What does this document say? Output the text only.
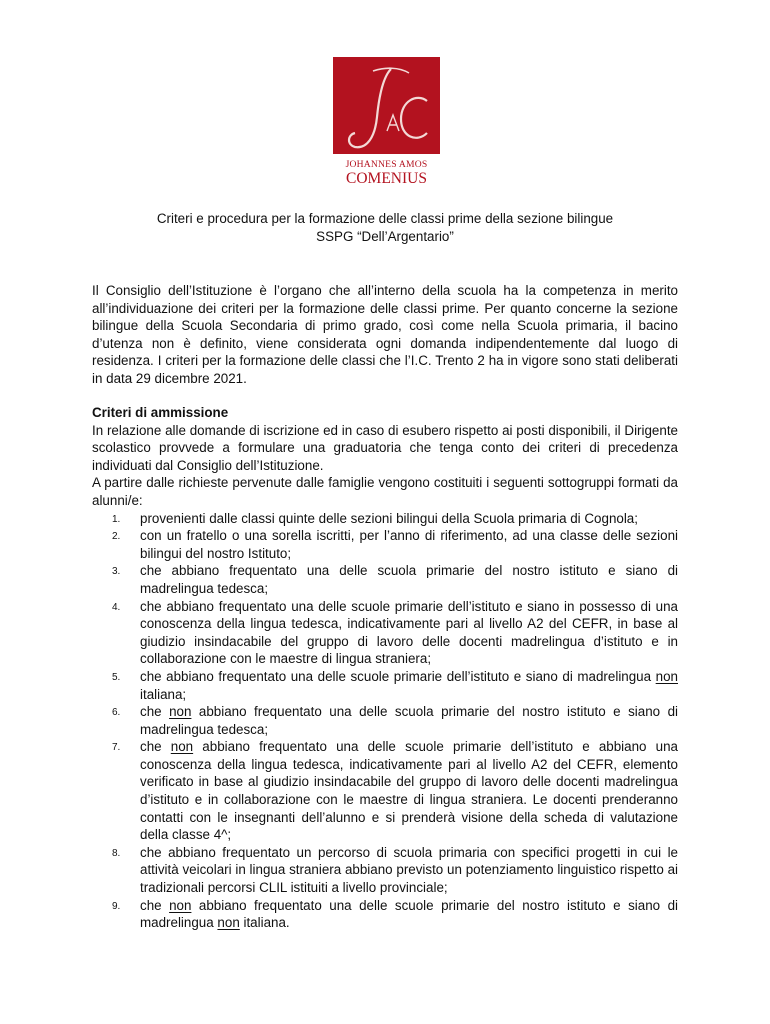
JOHANNES AMOS
COMENIUS
Criteri e procedura per la formazione delle classi prime della sezione bilingue
SSPG “Dell’Argentario”
Il Consiglio dell’Istituzione è l’organo che all’interno della scuola ha la competenza in merito all’individuazione dei criteri per la formazione delle classi prime. Per quanto concerne la sezione bilingue della Scuola Secondaria di primo grado, così come nella Scuola primaria, il bacino d’utenza non è definito, viene considerata ogni domanda indipendentemente dal luogo di residenza. I criteri per la formazione delle classi che l’I.C. Trento 2 ha in vigore sono stati deliberati in data 29 dicembre 2021.
Criteri di ammissione

In relazione alle domande di iscrizione ed in caso di esubero rispetto ai posti disponibili, il Dirigente scolastico provvede a formulare una graduatoria che tenga conto dei criteri di precedenza individuati dal Consiglio dell’Istituzione.

A partire dalle richieste pervenute dalle famiglie vengono costituiti i seguenti sottogruppi formati da alunni/e:

1.	provenienti dalle classi quinte delle sezioni bilingui della Scuola primaria di Cognola;
2.	con un fratello o una sorella iscritti, per l’anno di riferimento, ad una classe delle sezioni bilingui del nostro Istituto;
3.	che abbiano frequentato una delle scuola primarie del nostro istituto e siano di madrelingua tedesca;
4.	che abbiano frequentato una delle scuole primarie dell’istituto e siano in possesso di una conoscenza della lingua tedesca, indicativamente pari al livello A2 del CEFR, in base al giudizio insindacabile del gruppo di lavoro delle docenti madrelingua d’istituto e in collaborazione con le maestre di lingua straniera;
5.	che abbiano frequentato una delle scuole primarie dell’istituto e siano di madrelingua non italiana;
6.	che non abbiano frequentato una delle scuola primarie del nostro istituto e siano di madrelingua tedesca;
7.	che non abbiano frequentato una delle scuole primarie dell’istituto e abbiano una conoscenza della lingua tedesca, indicativamente pari al livello A2 del CEFR, elemento verificato in base al giudizio insindacabile del gruppo di lavoro delle docenti madrelingua d’istituto e in collaborazione con le maestre di lingua straniera. Le docenti prenderanno contatti con le insegnanti dell’alunno e si prenderà visione della scheda di valutazione della classe 4^;
8.	che abbiano frequentato un percorso di scuola primaria con specifici progetti in cui le attività veicolari in lingua straniera abbiano previsto un potenziamento linguistico rispetto ai tradizionali percorsi CLIL istituiti a livello provinciale;
9.	che non abbiano frequentato una delle scuole primarie del nostro istituto e siano di madrelingua non italiana.
